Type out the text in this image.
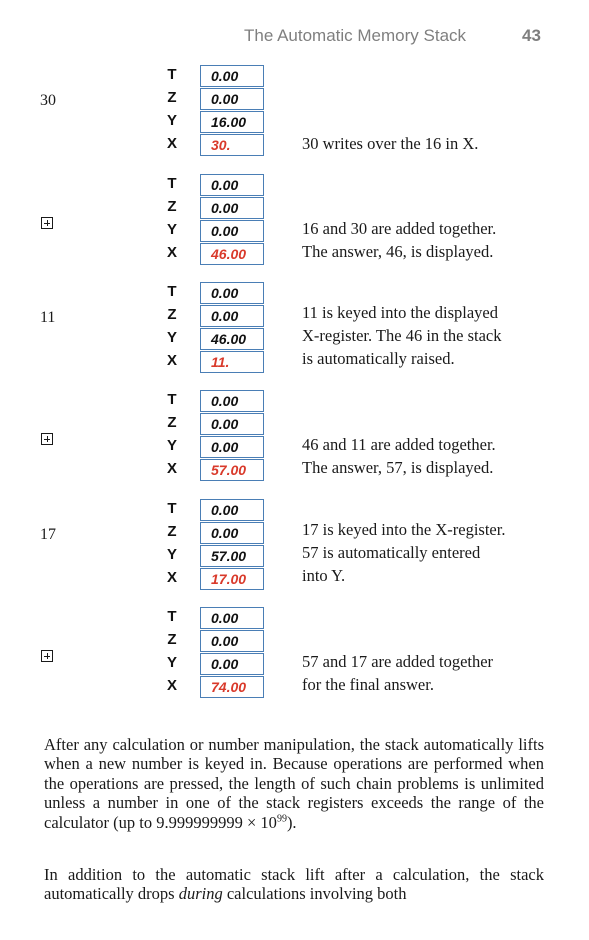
The Automatic Memory Stack	43
30
T 0.00
Z 0.00
Y 16.00
X 30.	30 writes over the 16 in X.
T 0.00
Z 0.00
Y 0.00
X 46.00
16 and 30 are added together.
The answer, 46, is displayed.
11
T 0.00
Z 0.00
Y 46.00
X 11.
11 is keyed into the displayed
X-register. The 46 in the stack
is automatically raised.
T 0.00
Z 0.00
Y 0.00
X 57.00
46 and 11 are added together.
The answer, 57, is displayed.
17
T 0.00
Z 0.00
Y 57.00
X 17.00
17 is keyed into the X-register.
57 is automatically entered
into Y.
T 0.00
Z 0.00
Y 0.00
X 74.00
57 and 17 are added together
for the final answer.
After any calculation or number manipulation, the stack automatically lifts when a new number is keyed in. Because operations are performed when the operations are pressed, the length of such chain problems is unlimited unless a number in one of the stack registers exceeds the range of the calculator (up to $9.999999999 \times 10^{99}$).
In addition to the automatic stack lift after a calculation, the stack automatically drops during calculations involving both
